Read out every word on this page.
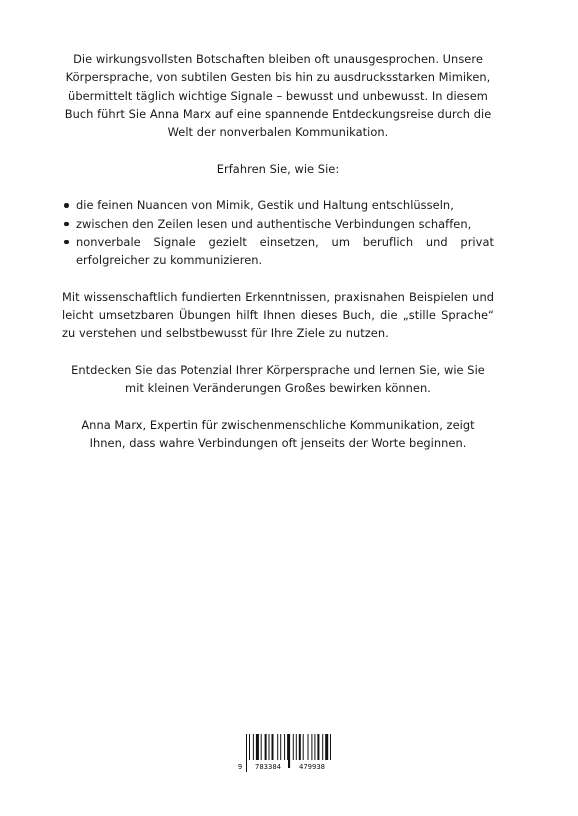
Die wirkungsvollsten Botschaften bleiben oft unausgesprochen. Unsere Körpersprache, von subtilen Gesten bis hin zu ausdrucksstarken Mimiken, übermittelt täglich wichtige Signale – bewusst und unbewusst. In diesem Buch führt Sie Anna Marx auf eine spannende Entdeckungsreise durch die Welt der nonverbalen Kommunikation.

Erfahren Sie, wie Sie:

die feinen Nuancen von Mimik, Gestik und Haltung entschlüsseln,
zwischen den Zeilen lesen und authentische Verbindungen schaffen,
nonverbale Signale gezielt einsetzen, um beruflich und privat erfolgreicher zu kommunizieren.

Mit wissenschaftlich fundierten Erkenntnissen, praxisnahen Beispielen und leicht umsetzbaren Übungen hilft Ihnen dieses Buch, die „stille Sprache“ zu verstehen und selbstbewusst für Ihre Ziele zu nutzen.

Entdecken Sie das Potenzial Ihrer Körpersprache und lernen Sie, wie Sie mit kleinen Veränderungen Großes bewirken können.

Anna Marx, Expertin für zwischenmenschliche Kommunikation, zeigt Ihnen, dass wahre Verbindungen oft jenseits der Worte beginnen.

9	783384	479938
